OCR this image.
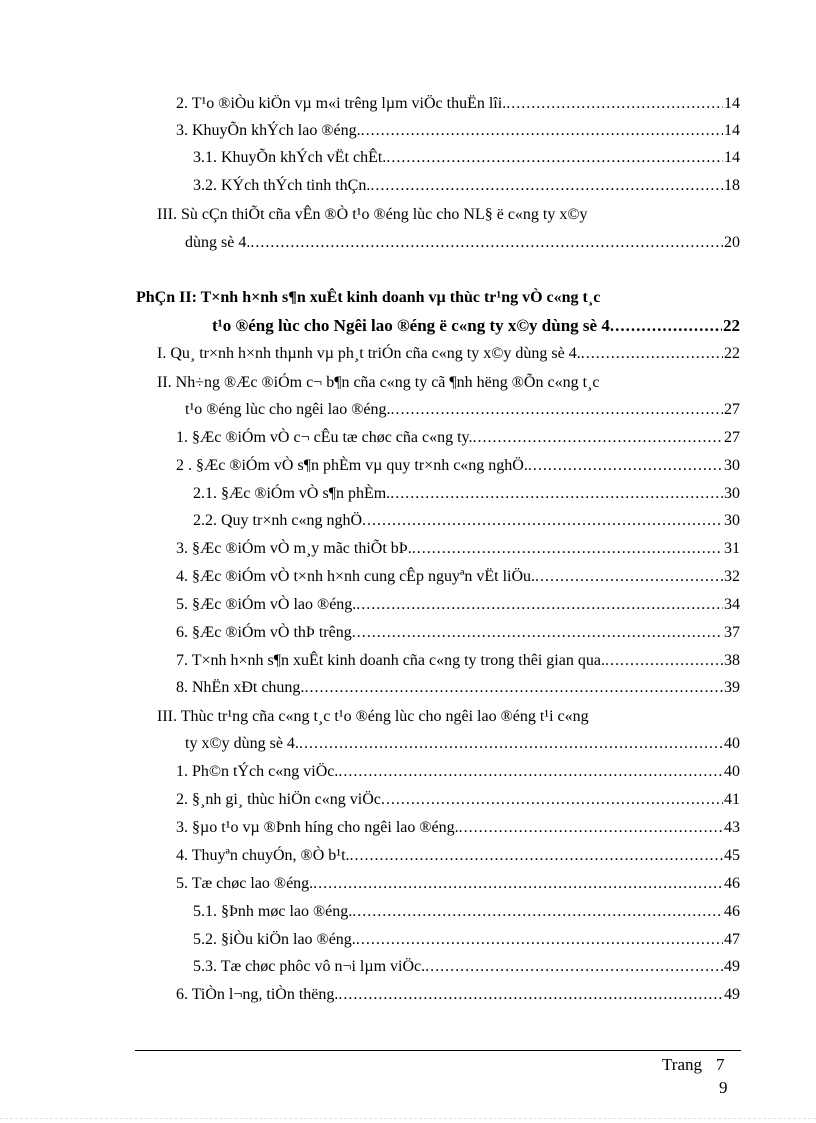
2. T¹o ®iÒu kiÖn vµ m«i trêng lµm viÖc thuËn lîi. .....	14
3. KhuyÕn khÝch lao ®éng. .....	14
3.1. KhuyÕn khÝch vËt chÊt. .....	14
3.2. KÝch thÝch tinh thÇn. .....	18
III. Sù cÇn thiÕt cña vÊn ®Ò t¹o ®éng lùc cho NL§ ë c«ng ty x©y
dùng sè 4. .....	20
PhÇn II: T×nh h×nh s¶n xuÊt kinh doanh vµ thùc tr¹ng vÒ c«ng t¸c
t¹o ®éng lùc cho Ngêi lao ®éng ë c«ng ty x©y dùng sè 4 .....	22
I. Qu¸ tr×nh h×nh thµnh vµ ph¸t triÓn cña c«ng ty x©y dùng sè 4. .....	22
II. Nh÷ng ®Æc ®iÓm c¬ b¶n cña c«ng ty cã ¶nh hëng ®Õn c«ng t¸c
t¹o ®éng lùc cho ngêi lao ®éng. .....	27
1. §Æc ®iÓm vÒ c¬ cÊu tæ chøc cña c«ng ty. .....	27
2 . §Æc ®iÓm vÒ s¶n phÈm vµ quy tr×nh c«ng nghÖ. .....	30
2.1. §Æc ®iÓm vÒ s¶n phÈm. .....	30
2.2. Quy tr×nh c«ng nghÖ .....	30
3. §Æc ®iÓm vÒ m¸y mãc thiÕt bÞ. .....	31
4. §Æc ®iÓm vÒ t×nh h×nh cung cÊp nguyªn vËt liÖu. .....	32
5. §Æc ®iÓm vÒ lao ®éng. .....	34
6. §Æc ®iÓm vÒ thÞ trêng .....	37
7. T×nh h×nh s¶n xuÊt kinh doanh cña c«ng ty trong thêi gian qua. .....	38
8. NhËn xÐt chung. .....	39
III. Thùc tr¹ng cña c«ng t¸c t¹o ®éng lùc cho ngêi lao ®éng t¹i c«ng
ty x©y dùng sè 4. .....	40
1. Ph©n tÝch c«ng viÖc. .....	40
2. §¸nh gi¸ thùc hiÖn c«ng viÖc .....	41
3. §µo t¹o vµ ®Þnh híng cho ngêi lao ®éng. .....	43
4. Thuyªn chuyÓn, ®Ò b¹t. .....	45
5. Tæ chøc lao ®éng. .....	46
5.1. §Þnh møc lao ®éng. .....	46
5.2. §iÒu kiÖn lao ®éng. .....	47
5.3. Tæ chøc phôc vô n¬i lµm viÖc. .....	49
6. TiÒn l¬ng, tiÒn thëng. .....	49
Trang 7
9
